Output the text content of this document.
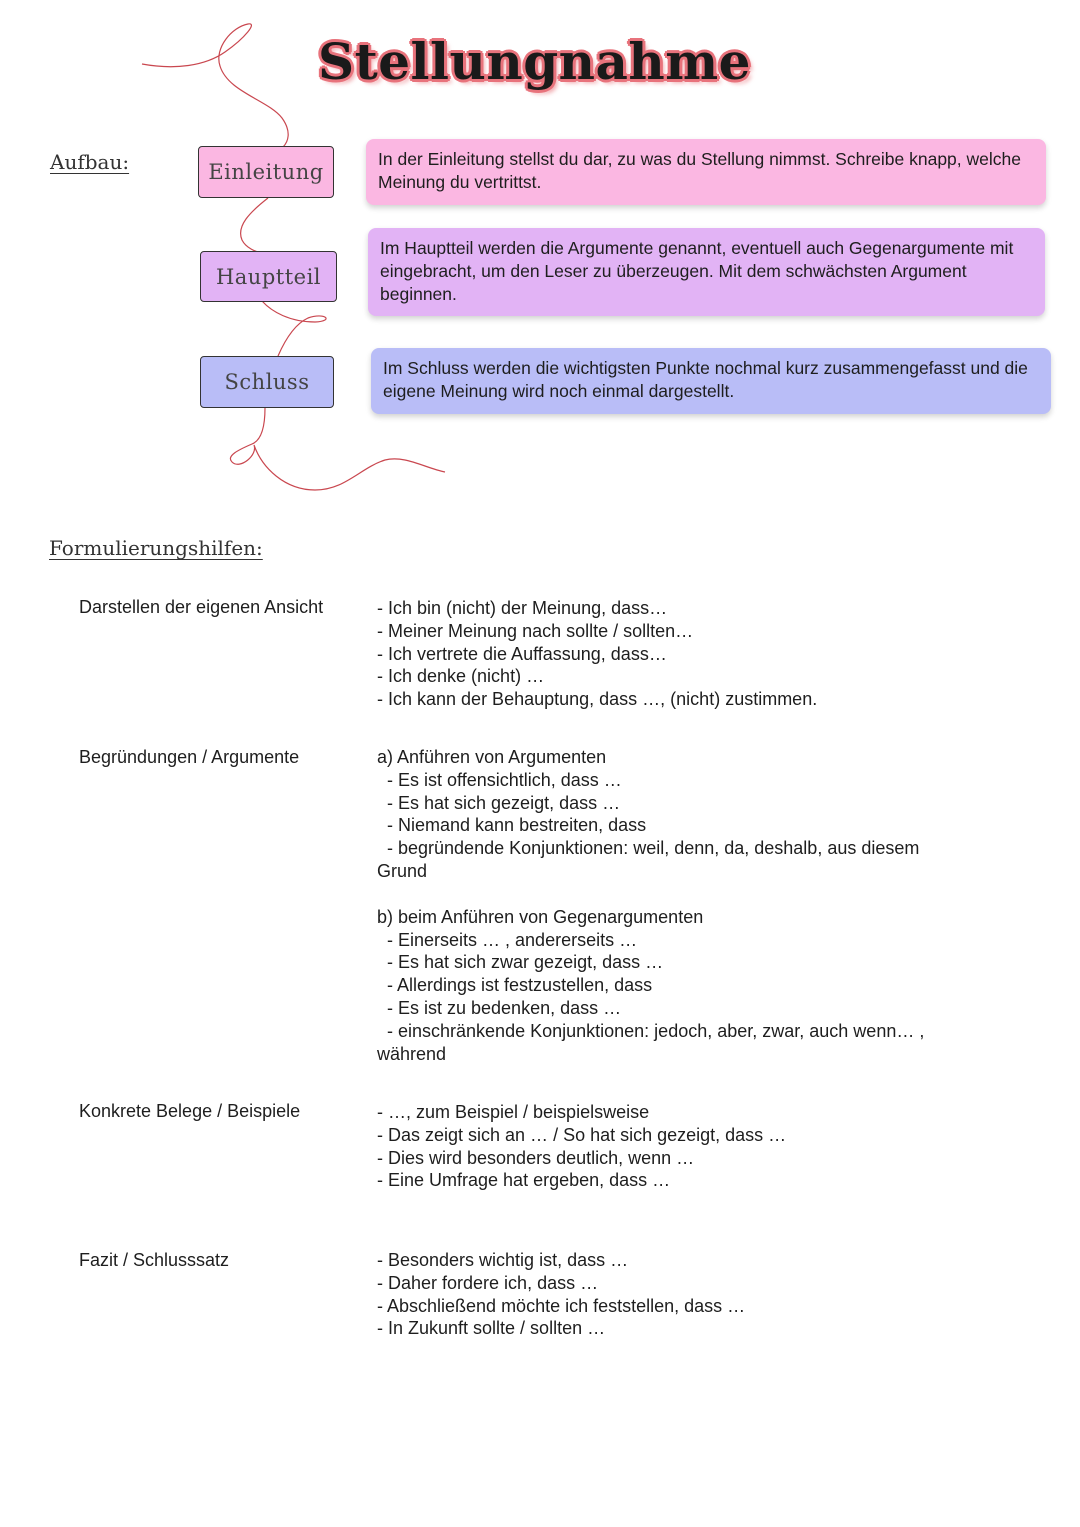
Stellungnahme

Aufbau:	Einleitung
Hauptteil
Schluss
In der Einleitung stellst du dar, zu was du Stellung nimmst. Schreibe knapp, welche Meinung du vertrittst.
Im Hauptteil werden die Argumente genannt, eventuell auch Gegenargumente mit eingebracht, um den Leser zu überzeugen. Mit dem schwächsten Argument beginnen.
Im Schluss werden die wichtigsten Punkte nochmal kurz zusammengefasst und die eigene Meinung wird noch einmal dargestellt.

Formulierungshilfen:

Darstellen der eigenen Ansicht	- Ich bin (nicht) der Meinung, dass…
- Meiner Meinung nach sollte / sollten…
- Ich vertrete die Auffassung, dass…
- Ich denke (nicht) …
- Ich kann der Behauptung, dass …, (nicht) zustimmen.

Begründungen / Argumente	a) Anführen von Argumenten
- Es ist offensichtlich, dass …
- Es hat sich gezeigt, dass …
- Niemand kann bestreiten, dass
- begründende Konjunktionen: weil, denn, da, deshalb, aus diesem
Grund
b) beim Anführen von Gegenargumenten
- Einerseits … , andererseits …
- Es hat sich zwar gezeigt, dass …
- Allerdings ist festzustellen, dass
- Es ist zu bedenken, dass …
- einschränkende Konjunktionen: jedoch, aber, zwar, auch wenn… ,
während

Konkrete Belege / Beispiele	- …, zum Beispiel / beispielsweise
- Das zeigt sich an … / So hat sich gezeigt, dass …
- Dies wird besonders deutlich, wenn …
- Eine Umfrage hat ergeben, dass …

Fazit / Schlusssatz	- Besonders wichtig ist, dass …
- Daher fordere ich, dass …
- Abschließend möchte ich feststellen, dass …
- In Zukunft sollte / sollten …
